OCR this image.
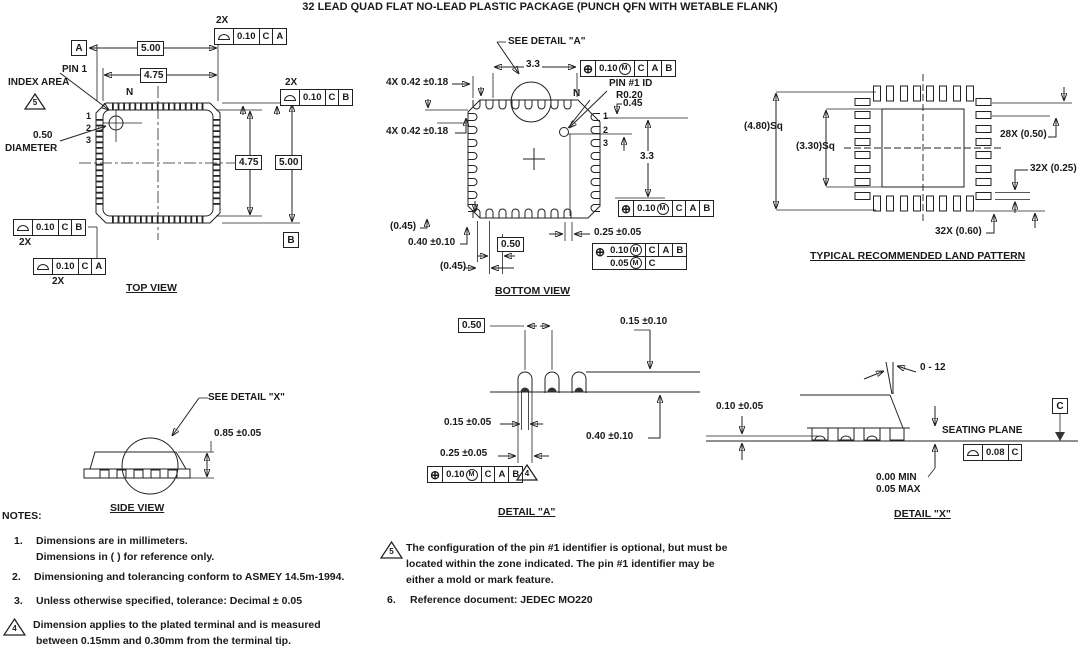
32 LEAD QUAD FLAT NO-LEAD PLASTIC PACKAGE (PUNCH QFN WITH WETABLE FLANK)
2X
0.10 C A
5.00
4.75
A
PIN 1
INDEX AREA
5
0.50
DIAMETER
N
1
2
3
2X
0.10 C B
4.75	5.00
B
0.10 C B
2X
0.10 C A
2X
TOP VIEW
SEE DETAIL "A"
3.3	⊕ 0.10 M	C A B
4X 0.42 ±0.18
4X 0.42 ±0.18
PIN #1 ID
R0.20
N
0.45
1
2
3
3.3
⊕ 0.10 M	C A B
0.25 ±0.05
⊕ 0.10 M	C A B
0.05 M	C
(0.45)
0.40 ±0.10
(0.45)
0.50
BOTTOM VIEW
(4.80)Sq
(3.30)Sq
28X (0.50)
32X (0.25)
32X (0.60)
TYPICAL RECOMMENDED LAND PATTERN
SEE DETAIL "X"
0.85 ±0.05
SIDE VIEW
0.50	0.15 ±0.10
0.15 ±0.05
0.40 ±0.10
0.25 ±0.05
⊕ 0.10 M	C A B 4
DETAIL "A"
0 - 12
0.10 ±0.05	C
SEATING PLANE
0.08 C
0.00 MIN
0.05 MAX
DETAIL "X"
NOTES:
1. Dimensions are in millimeters.
Dimensions in ( ) for reference only.
2. Dimensioning and tolerancing conform to ASMEY 14.5m-1994.
3. Unless otherwise specified, tolerance: Decimal ± 0.05
4	Dimension applies to the plated terminal and is measured
between 0.15mm and 0.30mm from the terminal tip.
5	The configuration of the pin #1 identifier is optional, but must be
located within the zone indicated. The pin #1 identifier may be
either a mold or mark feature.
6. Reference document: JEDEC MO220
